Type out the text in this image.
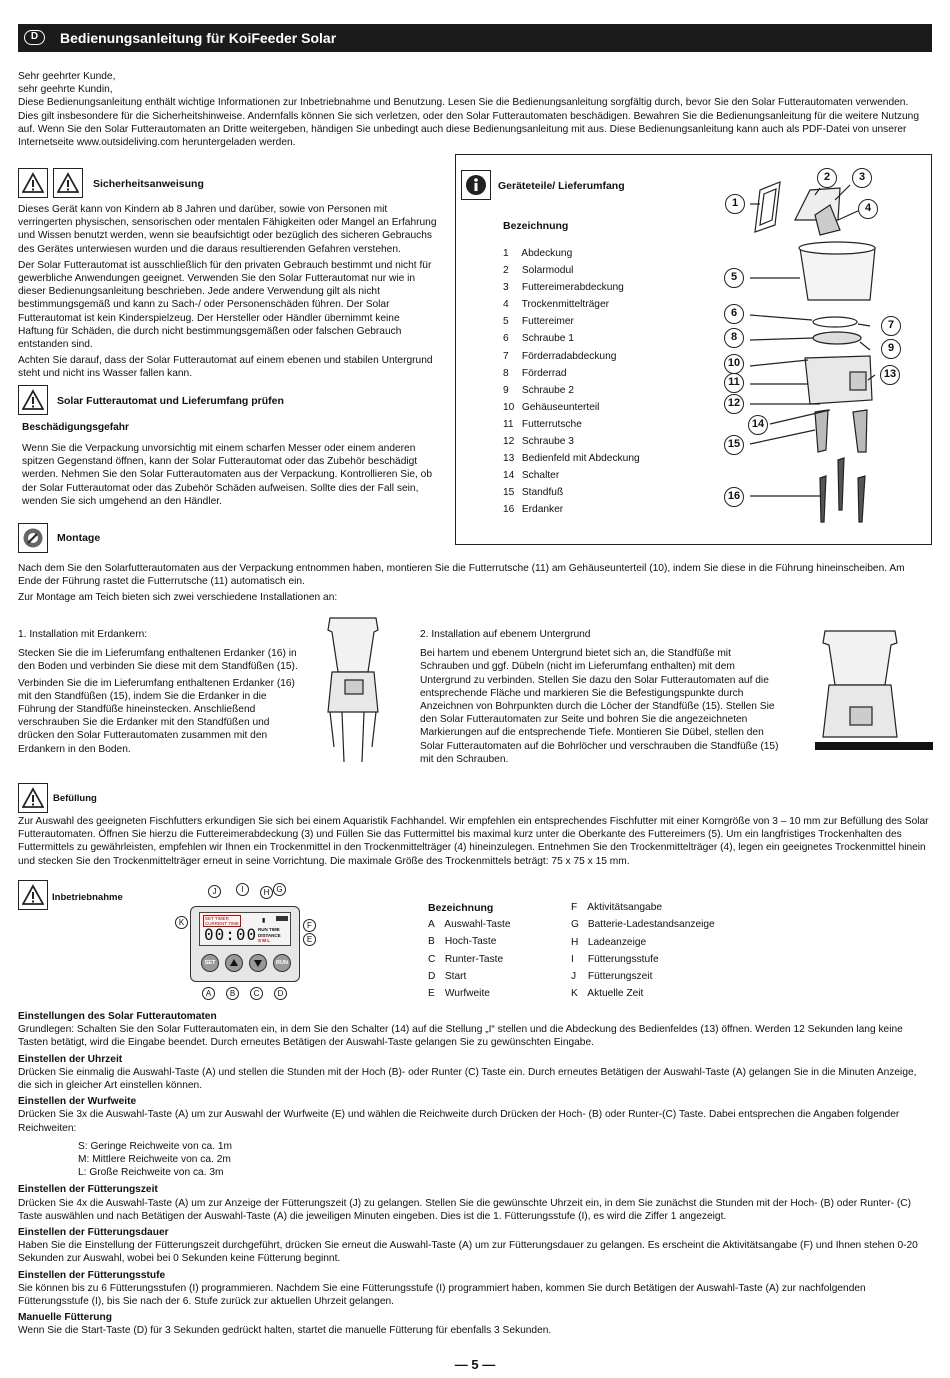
D	Bedienungsanleitung für KoiFeeder Solar
Sehr geehrter Kunde,
sehr geehrte Kundin,
Diese Bedienungsanleitung enthält wichtige Informationen zur Inbetriebnahme und Benutzung. Lesen Sie die Bedienungsanleitung sorgfältig durch, bevor Sie den Solar Futterautomaten verwenden. Dies gilt insbesondere für die Sicherheitshinweise. Andernfalls können Sie sich verletzen, oder den Solar Futterautomaten beschädigen. Bewahren Sie die Bedienungsanleitung für die weitere Nutzung auf. Wenn Sie den Solar Futterautomaten an Dritte weitergeben, händigen Sie unbedingt auch diese Bedienungsanleitung mit aus. Diese Bedienungsanleitung kann auch als PDF-Datei von unserer Internetseite www.outsideliving.com heruntergeladen werden.

Sicherheitsanweisung

Dieses Gerät kann von Kindern ab 8 Jahren und darüber, sowie von Personen mit verringerten physischen, sensorischen oder mentalen Fähigkeiten oder Mangel an Erfahrung und Wissen benutzt werden, wenn sie beaufsichtigt oder bezüglich des sicheren Gebrauchs des Gerätes unterwiesen wurden und die daraus resultierenden Gefahren verstehen.

Der Solar Futterautomat ist ausschließlich für den privaten Gebrauch bestimmt und nicht für gewerbliche Anwendungen geeignet. Verwenden Sie den Solar Futterautomat nur wie in dieser Bedienungsanleitung beschrieben. Jede andere Verwendung gilt als nicht bestimmungsgemäß und kann zu Sach-/ oder Personenschäden führen. Der Solar Futterautomat ist kein Kinderspielzeug. Der Hersteller oder Händler übernimmt keine Haftung für Schäden, die durch nicht bestimmungsgemäßen oder falschen Gebrauch entstanden sind.

Achten Sie darauf, dass der Solar Futterautomat auf einem ebenen und stabilen Untergrund steht und nicht ins Wasser fallen kann.

Solar Futterautomat und Lieferumfang prüfen
Beschädigungsgefahr
Wenn Sie die Verpackung unvorsichtig mit einem scharfen Messer oder einem anderen spitzen Gegenstand öffnen, kann der Solar Futterautomat oder das Zubehör beschädigt werden. Nehmen Sie den Solar Futterautomaten aus der Verpackung. Kontrollieren Sie, ob der Solar Futterautomat oder das Zubehör Schäden aufweisen. Sollte dies der Fall sein, wenden Sie sich umgehend an den Händler.
Geräteteile/ Lieferumfang
Bezeichnung
1 Abdeckung
2 Solarmodul
3 Futtereimerabdeckung
4 Trockenmittelträger
5 Futtereimer
6 Schraube 1
7 Förderradabdeckung
8 Förderrad
9 Schraube 2
10 Gehäuseunterteil
11 Futterrutsche
12 Schraube 3
13 Bedienfeld mit Abdeckung
14 Schalter
15 Standfuß
16 Erdanker
1
2	3
4
5
6
7
8
9
10
13
11
12
14
15
16
Montage

Nach dem Sie den Solarfutterautomaten aus der Verpackung entnommen haben, montieren Sie die Futterrutsche (11) am Gehäuseunterteil (10), indem Sie diese in die Führung hineinscheiben. Am Ende der Führung rastet die Futterrutsche (11) automatisch ein.

Zur Montage am Teich bieten sich zwei verschiedene Installationen an:

1. Installation mit Erdankern:

Stecken Sie die im Lieferumfang enthaltenen Erdanker (16) in den Boden und verbinden Sie diese mit dem Standfüßen (15).

Verbinden Sie die im Lieferumfang enthaltenen Erdanker (16) mit den Standfüßen (15), indem Sie die Erdanker in die Führung der Standfüße hineinstecken. Anschließend verschrauben Sie die Erdanker mit den Standfüßen und drücken den Solar Futterautomaten zusammen mit den Erdankern in den Boden.

2. Installation auf ebenem Untergrund

Bei hartem und ebenem Untergrund bietet sich an, die Standfüße mit Schrauben und ggf. Dübeln (nicht im Lieferumfang enthalten) mit dem Untergrund zu verbinden. Stellen Sie dazu den Solar Futterautomaten auf die entsprechende Fläche und markieren Sie die Befestigungspunkte durch Anzeichnen von Bohrpunkten durch die Löcher der Standfüße (15). Stellen Sie den Solar Futterautomaten zur Seite und bohren Sie die angezeichneten Markierungen auf die entsprechende Tiefe. Montieren Sie Dübel, stellen den Solar Futterautomaten auf die Bohrlöcher und verschrauben die Standfüße (15) mit den Schrauben.

Befüllung
Zur Auswahl des geeigneten Fischfutters erkundigen Sie sich bei einem Aquaristik Fachhandel. Wir empfehlen ein entsprechendes Fischfutter mit einer Korngröße von 3 – 10 mm zur Befüllung des Solar Futterautomaten. Öffnen Sie hierzu die Futtereimerabdeckung (3) und Füllen Sie das Futtermittel bis maximal kurz unter die Oberkante des Futtereimers (5). Um ein langfristiges Trockenhalten des Futtermittels zu gewährleisten, empfehlen wir Ihnen ein Trockenmittel in den Trockenmittelträger (4) hineinzulegen. Entnehmen Sie den Trockenmittelträger (4), legen ein geeignetes Trockenmittel hinein und stecken Sie den Trockenmittelträger erneut in seine Vorrichtung. Die maximale Größe des Trockenmittels beträgt: 75 x 75 x 15 mm.
Inbetriebnahme
SET TIMER
CURRENT TIME
00:00 RUN TIME
DISTANCE
S M L
▮
SET	RUN
A	B	C	D
E
F
G
H
I
J
K
Bezeichnung
A Auswahl-Taste
B Hoch-Taste
C Runter-Taste
D Start
E Wurfweite
F Aktivitätsangabe
G Batterie-Ladestandsanzeige
H Ladeanzeige
I Fütterungsstufe
J Fütterungszeit
K Aktuelle Zeit
Einstellungen des Solar Futterautomaten

Grundlegen: Schalten Sie den Solar Futterautomaten ein, in dem Sie den Schalter (14) auf die Stellung „I“ stellen und die Abdeckung des Bedienfeldes (13) öffnen. Werden 12 Sekunden lang keine Tasten betätigt, wird die Eingabe beendet. Durch erneutes Betätigen der Auswahl-Taste gelangen Sie zu gewünschten Eingabe.

Einstellen der Uhrzeit

Drücken Sie einmalig die Auswahl-Taste (A) und stellen die Stunden mit der Hoch (B)- oder Runter (C) Taste ein. Durch erneutes Betätigen der Auswahl-Taste (A) gelangen Sie in die Minuten Anzeige, die sich in gleicher Art einstellen können.

Einstellen der Wurfweite

Drücken Sie 3x die Auswahl-Taste (A) um zur Auswahl der Wurfweite (E) und wählen die Reichweite durch Drücken der Hoch- (B) oder Runter-(C) Taste. Dabei entsprechen die Angaben folgender Reichweiten:

S: Geringe Reichweite von ca. 1m
M: Mittlere Reichweite von ca. 2m
L: Große Reichweite von ca. 3m
Einstellen der Fütterungszeit

Drücken Sie 4x die Auswahl-Taste (A) um zur Anzeige der Fütterungszeit (J) zu gelangen. Stellen Sie die gewünschte Uhrzeit ein, in dem Sie zunächst die Stunden mit der Hoch- (B) oder Runter- (C) Taste auswählen und nach Betätigen der Auswahl-Taste (A) die jeweiligen Minuten eingeben. Dies ist die 1. Fütterungsstufe (I), es wird die Ziffer 1 angezeigt.

Einstellen der Fütterungsdauer

Haben Sie die Einstellung der Fütterungszeit durchgeführt, drücken Sie erneut die Auswahl-Taste (A) um zur Fütterungsdauer zu gelangen. Es erscheint die Aktivitätsangabe (F) und Ihnen stehen 0-20 Sekunden zur Auswahl, wobei bei 0 Sekunden keine Fütterung beginnt.

Einstellen der Fütterungsstufe

Sie können bis zu 6 Fütterungsstufen (I) programmieren. Nachdem Sie eine Fütterungsstufe (I) programmiert haben, kommen Sie durch Betätigen der Auswahl-Taste (A) zur nachfolgenden Fütterungsstufe (I), bis Sie nach der 6. Stufe zurück zur aktuellen Uhrzeit gelangen.

Manuelle Fütterung

Wenn Sie die Start-Taste (D) für 3 Sekunden gedrückt halten, startet die manuelle Fütterung für ebenfalls 3 Sekunden.

— 5 —
